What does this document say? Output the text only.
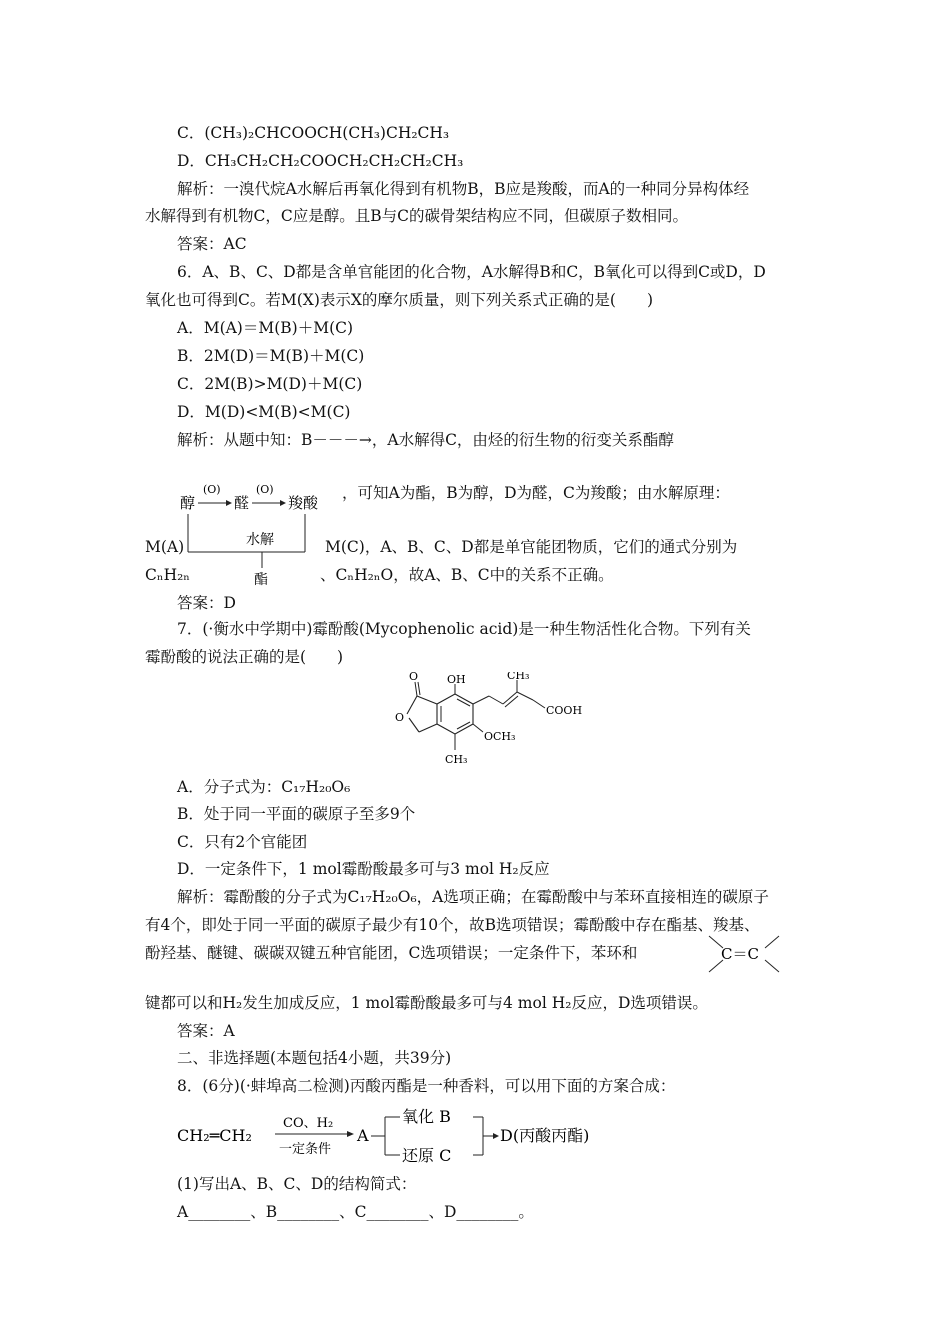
C．(CH₃)₂CHCOOCH(CH₃)CH₂CH₃
D．CH₃CH₂CH₂COOCH₂CH₂CH₂CH₃
解析：一溴代烷A水解后再氧化得到有机物B，B应是羧酸，而A的一种同分异构体经
水解得到有机物C，C应是醇。且B与C的碳骨架结构应不同，但碳原子数相同。
答案：AC
6．A、B、C、D都是含单官能团的化合物，A水解得B和C，B氧化可以得到C或D，D
氧化也可得到C。若M(X)表示X的摩尔质量，则下列关系式正确的是(　　)
A．M(A)＝M(B)＋M(C)
B．2M(D)＝M(B)＋M(C)
C．2M(B)>M(D)＋M(C)
D．M(D)<M(B)<M(C)
解析：从题中知：B－－－→，A水解得C，由烃的衍生物的衍变关系酯醇
醇
(O)
醛
(O)
羧酸
水解
酯
，可知A为酯，B为醇，D为醛，C为羧酸；由水解原理：
M(A)	M(C)，A、B、C、D都是单官能团物质，它们的通式分别为
CₙH₂ₙ	、CₙH₂ₙO，故A、B、C中的关系不正确。
答案：D
7．(·衡水中学期中)霉酚酸(Mycophenolic acid)是一种生物活性化合物。下列有关
霉酚酸的说法正确的是(　　)
O
O
OH	CH₃
COOH
OCH₃
CH₃
A．分子式为：C₁₇H₂₀O₆
B．处于同一平面的碳原子至多9个
C．只有2个官能团
D．一定条件下，1 mol霉酚酸最多可与3 mol H₂反应
解析：霉酚酸的分子式为C₁₇H₂₀O₆，A选项正确；在霉酚酸中与苯环直接相连的碳原子
有4个，即处于同一平面的碳原子最少有10个，故B选项错误；霉酚酸中存在酯基、羧基、
酚羟基、醚键、碳碳双键五种官能团，C选项错误；一定条件下，苯环和	C＝C
键都可以和H₂发生加成反应，1 mol霉酚酸最多可与4 mol H₂反应，D选项错误。
答案：A
二、非选择题(本题包括4小题，共39分)
8．(6分)(·蚌埠高二检测)丙酸丙酯是一种香料，可以用下面的方案合成：
CH₂═CH₂
CO、H₂
一定条件
A
氧化 B
还原 C
D(丙酸丙酯)
(1)写出A、B、C、D的结构简式：
A________、B________、C________、D________。
